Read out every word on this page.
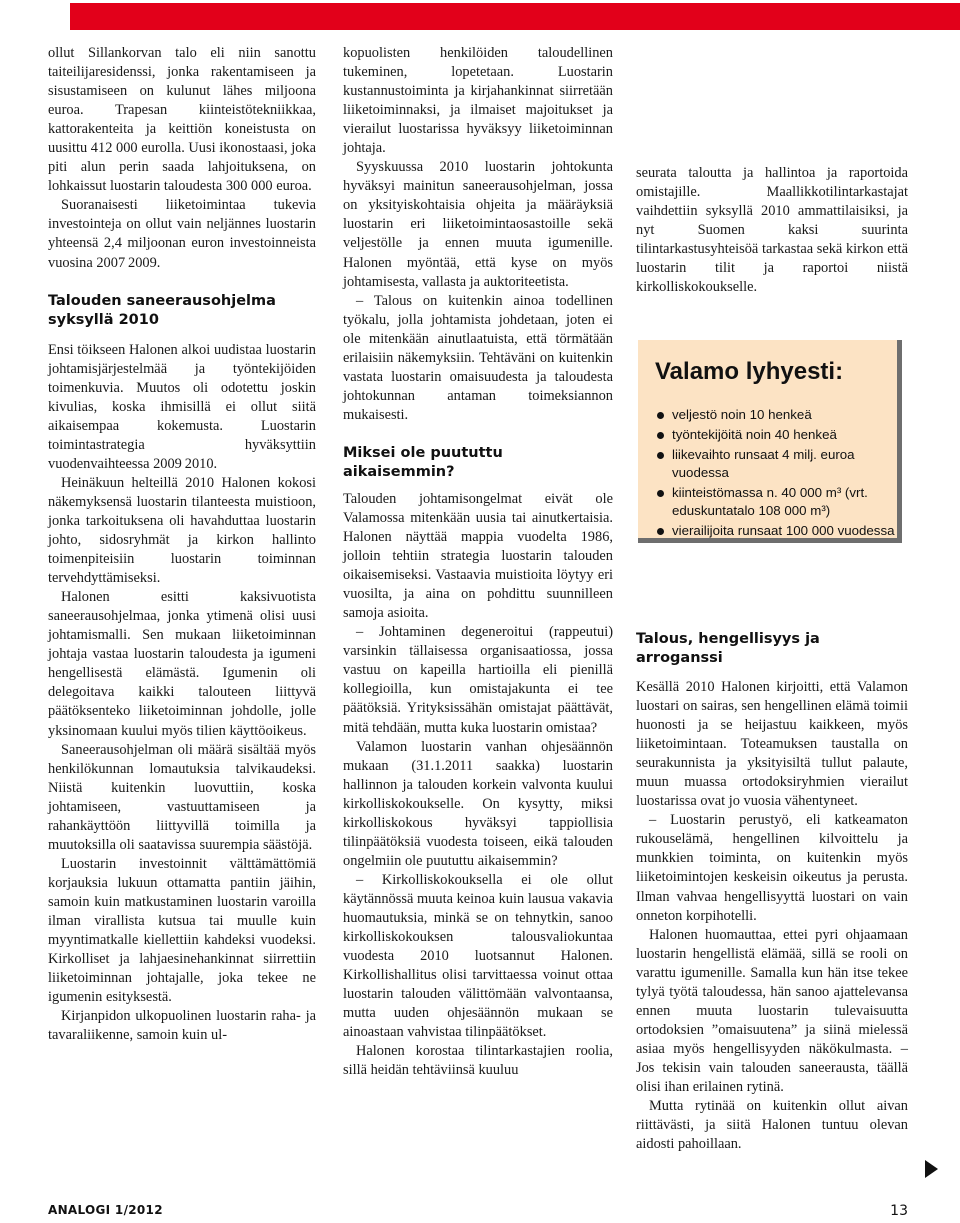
ollut Sillankorvan talo eli niin sanottu taiteilijaresidenssi, jonka rakentamiseen ja sisustamiseen on kulunut lähes miljoona euroa. Trapesan kiinteistötekniikkaa, kattorakenteita ja keittiön koneistusta on uusittu 412 000 eurolla. Uusi ikonostaasi, joka piti alun perin saada lahjoituksena, on lohkaissut luostarin taloudesta 300 000 euroa.

Suoranaisesti liiketoimintaa tukevia investointeja on ollut vain neljännes luostarin yhteensä 2,4 miljoonan euron investoinneista vuosina 2007 2009.

Talouden saneerausohjelma syksyllä 2010

Ensi töikseen Halonen alkoi uudistaa luostarin johtamisjärjestelmää ja työntekijöiden toimenkuvia. Muutos oli odotettu joskin kivulias, koska ihmisillä ei ollut siitä aikaisempaa kokemusta. Luostarin toimintastrategia hyväksyttiin vuodenvaihteessa 2009 2010.

Heinäkuun helteillä 2010 Halonen kokosi näkemyksensä luostarin tilanteesta muistioon, jonka tarkoituksena oli havahduttaa luostarin johto, sidosryhmät ja kirkon hallinto toimenpiteisiin luostarin toiminnan tervehdyttämiseksi.

Halonen esitti kaksivuotista saneerausohjelmaa, jonka ytimenä olisi uusi johtamismalli. Sen mukaan liiketoiminnan johtaja vastaa luostarin taloudesta ja igumeni hengellisestä elämästä. Igumenin oli delegoitava kaikki talouteen liittyvä päätöksenteko liiketoiminnan johdolle, jolle yksinomaan kuului myös tilien käyttöoikeus.

Saneerausohjelman oli määrä sisältää myös henkilökunnan lomautuksia talvikaudeksi. Niistä kuitenkin luovuttiin, koska johtamiseen, vastuuttamiseen ja rahankäyttöön liittyvillä toimilla ja muutoksilla oli saatavissa suurempia säästöjä.

Luostarin investoinnit välttämättömiä korjauksia lukuun ottamatta pantiin jäihin, samoin kuin matkustaminen luostarin varoilla ilman virallista kutsua tai muulle kuin myyntimatkalle kiellettiin kahdeksi vuodeksi. Kirkolliset ja lahjaesinehankinnat siirrettiin liiketoiminnan johtajalle, joka tekee ne igumenin esityksestä.

Kirjanpidon ulkopuolinen luostarin raha- ja tavaraliikenne, samoin kuin ul-

kopuolisten henkilöiden taloudellinen tukeminen, lopetetaan. Luostarin kustannustoiminta ja kirjahankinnat siirretään liiketoiminnaksi, ja ilmaiset majoitukset ja vierailut luostarissa hyväksyy liiketoiminnan johtaja.

Syyskuussa 2010 luostarin johtokunta hyväksyi mainitun saneerausohjelman, jossa on yksityiskohtaisia ohjeita ja määräyksiä luostarin eri liiketoimintaosastoille sekä veljestölle ja ennen muuta igumenille. Halonen myöntää, että kyse on myös johtamisesta, vallasta ja auktoriteetista.

– Talous on kuitenkin ainoa todellinen työkalu, jolla johtamista johdetaan, joten ei ole mitenkään ainutlaatuista, että törmätään erilaisiin näkemyksiin. Tehtäväni on kuitenkin vastata luostarin omaisuudesta ja taloudesta johtokunnan antaman toimeksiannon mukaisesti.

Miksei ole puututtu aikaisemmin?

Talouden johtamisongelmat eivät ole Valamossa mitenkään uusia tai ainutkertaisia. Halonen näyttää mappia vuodelta 1986, jolloin tehtiin strategia luostarin talouden oikaisemiseksi. Vastaavia muistioita löytyy eri vuosilta, ja aina on pohdittu suunnilleen samoja asioita.

– Johtaminen degeneroitui (rappeutui) varsinkin tällaisessa organisaatiossa, jossa vastuu on kapeilla hartioilla eli pienillä kollegioilla, kun omistajakunta ei tee päätöksiä. Yrityksissähän omistajat päättävät, mitä tehdään, mutta kuka luostarin omistaa?

Valamon luostarin vanhan ohjesäännön mukaan (31.1.2011 saakka) luostarin hallinnon ja talouden korkein valvonta kuului kirkolliskokoukselle. On kysytty, miksi kirkolliskokous hyväksyi tappiollisia tilinpäätöksiä vuodesta toiseen, eikä talouden ongelmiin ole puututtu aikaisemmin?

– Kirkolliskokouksella ei ole ollut käytännössä muuta keinoa kuin lausua vakavia huomautuksia, minkä se on tehnytkin, sanoo kirkolliskokouksen talousvaliokuntaa vuodesta 2010 luotsannut Halonen. Kirkollishallitus olisi tarvittaessa voinut ottaa luostarin talouden välittömään valvontaansa, mutta uuden ohjesäännön mukaan se ainoastaan vahvistaa tilinpäätökset.

Halonen korostaa tilintarkastajien roolia, sillä heidän tehtäviinsä kuuluu

seurata taloutta ja hallintoa ja raportoida omistajille. Maallikkotilintarkastajat vaihdettiin syksyllä 2010 ammattilaisiksi, ja nyt Suomen kaksi suurinta tilintarkastusyhteisöä tarkastaa sekä kirkon että luostarin tilit ja raportoi niistä kirkolliskokoukselle.

Valamo lyhyesti:
veljestö noin 10 henkeä
työntekijöitä noin 40 henkeä
liikevaihto runsaat 4 milj. euroa vuodessa
kiinteistömassa n. 40 000 m³ (vrt. eduskuntatalo 108 000 m³)
vierailijoita runsaat 100 000 vuodessa
Talous, hengellisyys ja arroganssi

Kesällä 2010 Halonen kirjoitti, että Valamon luostari on sairas, sen hengellinen elämä toimii huonosti ja se heijastuu kaikkeen, myös liiketoimintaan. Toteamuksen taustalla on seurakunnista ja yksityisiltä tullut palaute, muun muassa ortodoksiryhmien vierailut luostarissa ovat jo vuosia vähentyneet.

– Luostarin perustyö, eli katkeamaton rukouselämä, hengellinen kilvoittelu ja munkkien toiminta, on kuitenkin myös liiketoimintojen keskeisin oikeutus ja perusta. Ilman vahvaa hengellisyyttä luostari on vain onneton korpihotelli.

Halonen huomauttaa, ettei pyri ohjaamaan luostarin hengellistä elämää, sillä se rooli on varattu igumenille. Samalla kun hän itse tekee tylyä työtä taloudessa, hän sanoo ajattelevansa ennen muuta luostarin tulevaisuutta ortodoksien ”omaisuutena” ja siinä mielessä asiaa myös hengellisyyden näkökulmasta. – Jos tekisin vain talouden saneerausta, täällä olisi ihan erilainen rytinä.

Mutta rytinää on kuitenkin ollut aivan riittävästi, ja siitä Halonen tuntuu olevan aidosti pahoillaan.

ANALOGI 1/2012	13
